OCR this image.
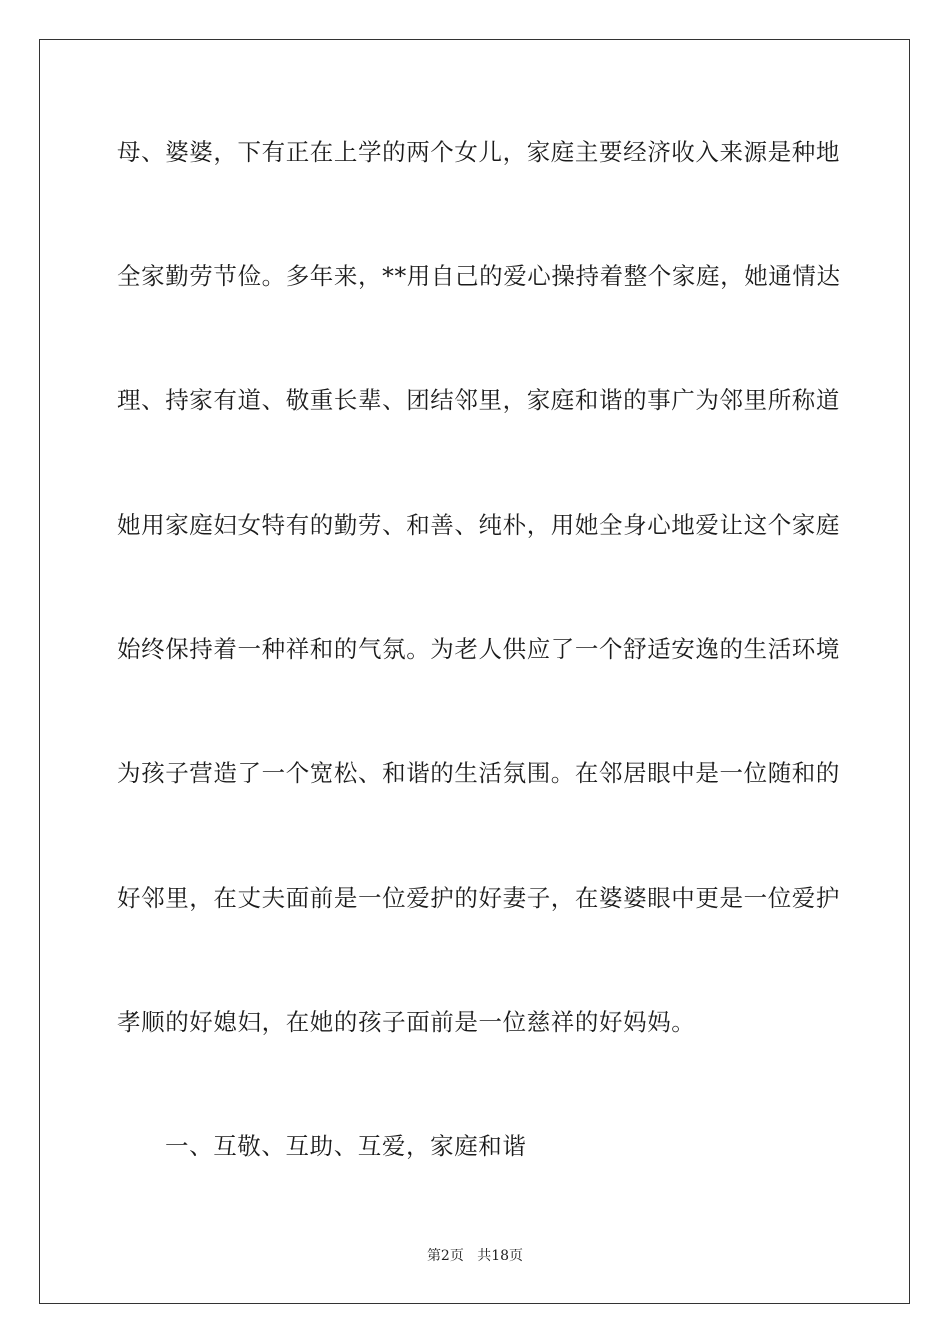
母、婆婆，下有正在上学的两个女儿，家庭主要经济收入来源是种地
全家勤劳节俭。多年来，**用自己的爱心操持着整个家庭，她通情达
理、持家有道、敬重长辈、团结邻里，家庭和谐的事广为邻里所称道
她用家庭妇女特有的勤劳、和善、纯朴，用她全身心地爱让这个家庭
始终保持着一种祥和的气氛。为老人供应了一个舒适安逸的生活环境
为孩子营造了一个宽松、和谐的生活氛围。在邻居眼中是一位随和的
好邻里，在丈夫面前是一位爱护的好妻子，在婆婆眼中更是一位爱护
孝顺的好媳妇，在她的孩子面前是一位慈祥的好妈妈。
一、互敬、互助、互爱，家庭和谐
第2页 共18页
